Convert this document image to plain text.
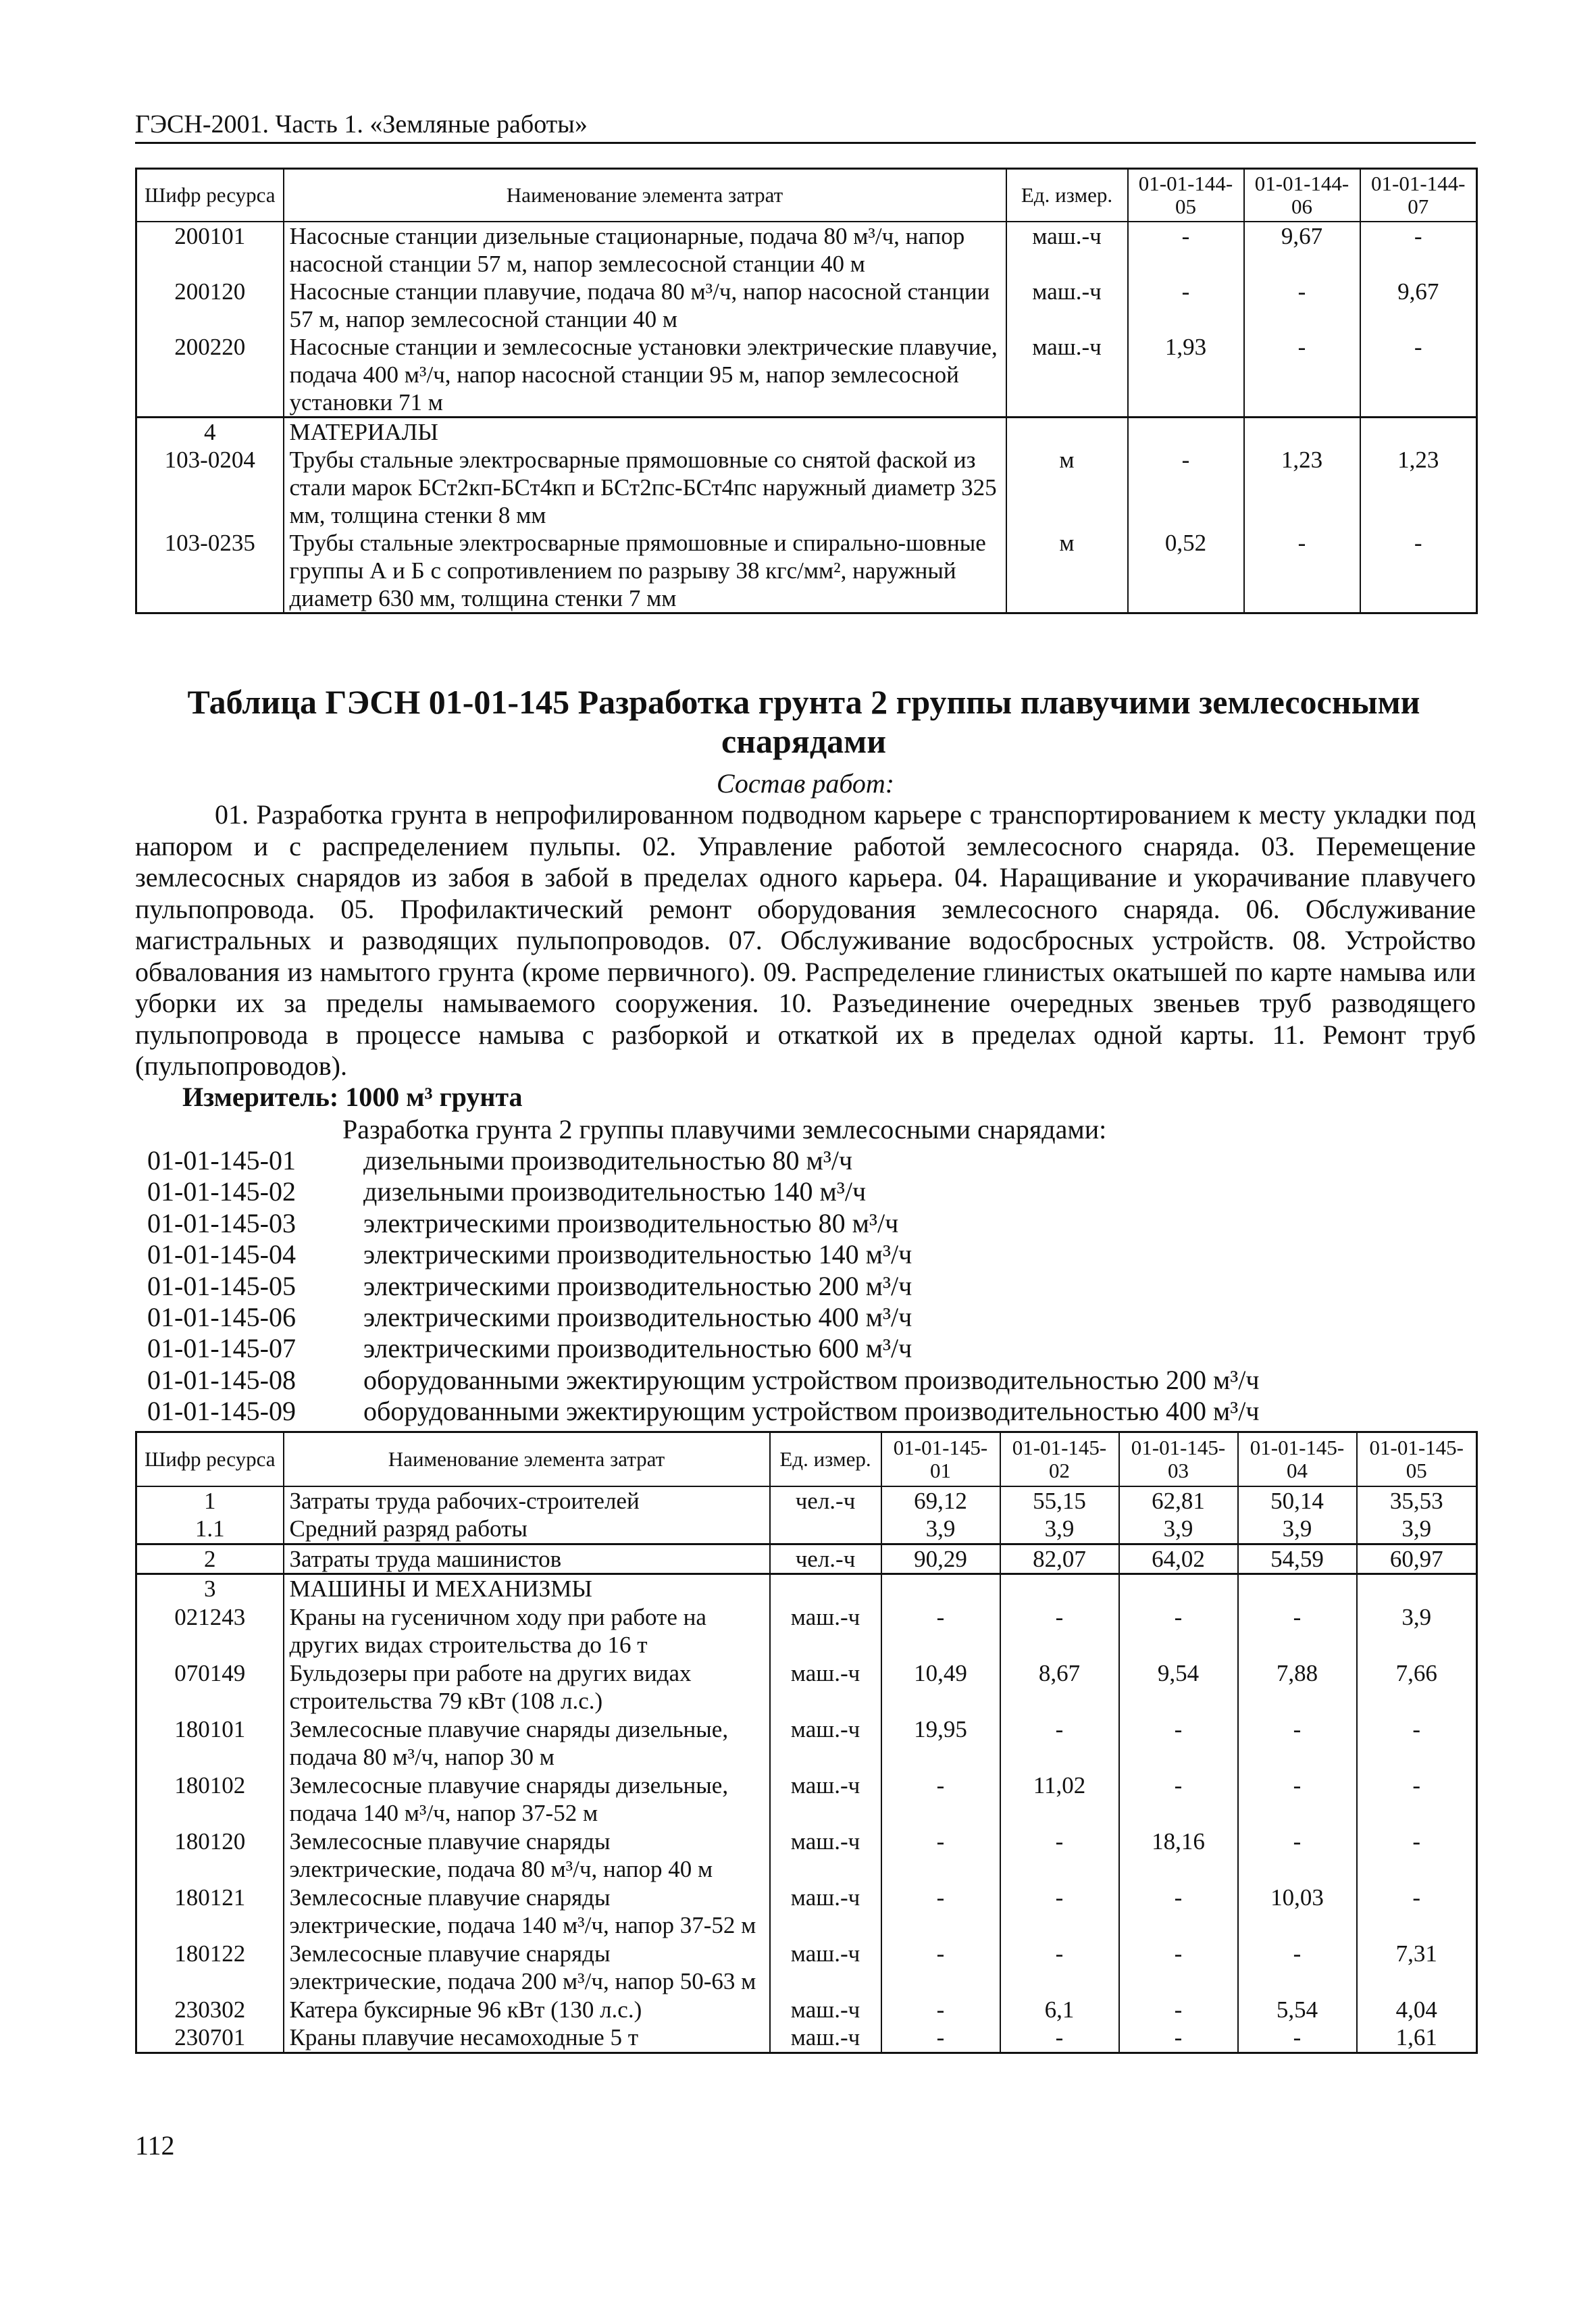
ГЭСН-2001. Часть 1. «Земляные работы»
Шифр ресурса	Наименование элемента затрат	Ед. измер.	01-01-144-05	01-01-144-06	01-01-144-07
200101	Насосные станции дизельные стационарные, подача 80 м³/ч, напор насосной станции 57 м, напор землесосной станции 40 м	маш.-ч	-	9,67	-
200120	Насосные станции плавучие, подача 80 м³/ч, напор насосной станции 57 м, напор землесосной станции 40 м	маш.-ч	-	-	9,67
200220	Насосные станции и землесосные установки электрические плавучие, подача 400 м³/ч, напор насосной станции 95 м, напор землесосной установки 71 м	маш.-ч	1,93	-	-
4	МАТЕРИАЛЫ				
103-0204	Трубы стальные электросварные прямошовные со снятой фаской из стали марок БСт2кп-БСт4кп и БСт2пс-БСт4пс наружный диаметр 325 мм, толщина стенки 8 мм	м	-	1,23	1,23
103-0235	Трубы стальные электросварные прямошовные и спирально-шовные группы А и Б с сопротивлением по разрыву 38 кгс/мм², наружный диаметр 630 мм, толщина стенки 7 мм	м	0,52	-	-
Таблица ГЭСН 01-01-145 Разработка грунта 2 группы плавучими землесосными снарядами
Состав работ:
01. Разработка грунта в непрофилированном подводном карьере с транспортированием к месту укладки под напором и с распределением пульпы. 02. Управление работой землесосного снаряда. 03. Перемещение землесосных снарядов из забоя в забой в пределах одного карьера. 04. Наращивание и укорачивание плавучего пульпопровода. 05. Профилактический ремонт оборудования землесосного снаряда. 06. Обслуживание магистральных и разводящих пульпопроводов. 07. Обслуживание водосбросных устройств. 08. Устройство обвалования из намытого грунта (кроме первичного). 09. Распределение глинистых окатышей по карте намыва или уборки их за пределы намываемого сооружения. 10. Разъединение очередных звеньев труб разводящего пульпопровода в процессе намыва с разборкой и откаткой их в пределах одной карты. 11. Ремонт труб (пульпопроводов).
Измеритель: 1000 м³ грунта
Разработка грунта 2 группы плавучими землесосными снарядами:
01-01-145-01	дизельными производительностью 80 м³/ч
01-01-145-02	дизельными производительностью 140 м³/ч
01-01-145-03	электрическими производительностью 80 м³/ч
01-01-145-04	электрическими производительностью 140 м³/ч
01-01-145-05	электрическими производительностью 200 м³/ч
01-01-145-06	электрическими производительностью 400 м³/ч
01-01-145-07	электрическими производительностью 600 м³/ч
01-01-145-08	оборудованными эжектирующим устройством производительностью 200 м³/ч
01-01-145-09	оборудованными эжектирующим устройством производительностью 400 м³/ч
Шифр ресурса	Наименование элемента затрат	Ед. измер.	01-01-145-01	01-01-145-02	01-01-145-03	01-01-145-04	01-01-145-05
1	Затраты труда рабочих-строителей	чел.-ч	69,12	55,15	62,81	50,14	35,53
1.1	Средний разряд работы		3,9	3,9	3,9	3,9	3,9
2	Затраты труда машинистов	чел.-ч	90,29	82,07	64,02	54,59	60,97
3	МАШИНЫ И МЕХАНИЗМЫ						
021243	Краны на гусеничном ходу при работе на других видах строительства до 16 т	маш.-ч	-	-	-	-	3,9
070149	Бульдозеры при работе на других видах строительства 79 кВт (108 л.с.)	маш.-ч	10,49	8,67	9,54	7,88	7,66
180101	Землесосные плавучие снаряды дизельные, подача 80 м³/ч, напор 30 м	маш.-ч	19,95	-	-	-	-
180102	Землесосные плавучие снаряды дизельные, подача 140 м³/ч, напор 37-52 м	маш.-ч	-	11,02	-	-	-
180120	Землесосные плавучие снаряды электрические, подача 80 м³/ч, напор 40 м	маш.-ч	-	-	18,16	-	-
180121	Землесосные плавучие снаряды электрические, подача 140 м³/ч, напор 37-52 м	маш.-ч	-	-	-	10,03	-
180122	Землесосные плавучие снаряды электрические, подача 200 м³/ч, напор 50-63 м	маш.-ч	-	-	-	-	7,31
230302	Катера буксирные 96 кВт (130 л.с.)	маш.-ч	-	6,1	-	5,54	4,04
230701	Краны плавучие несамоходные 5 т	маш.-ч	-	-	-	-	1,61
112
